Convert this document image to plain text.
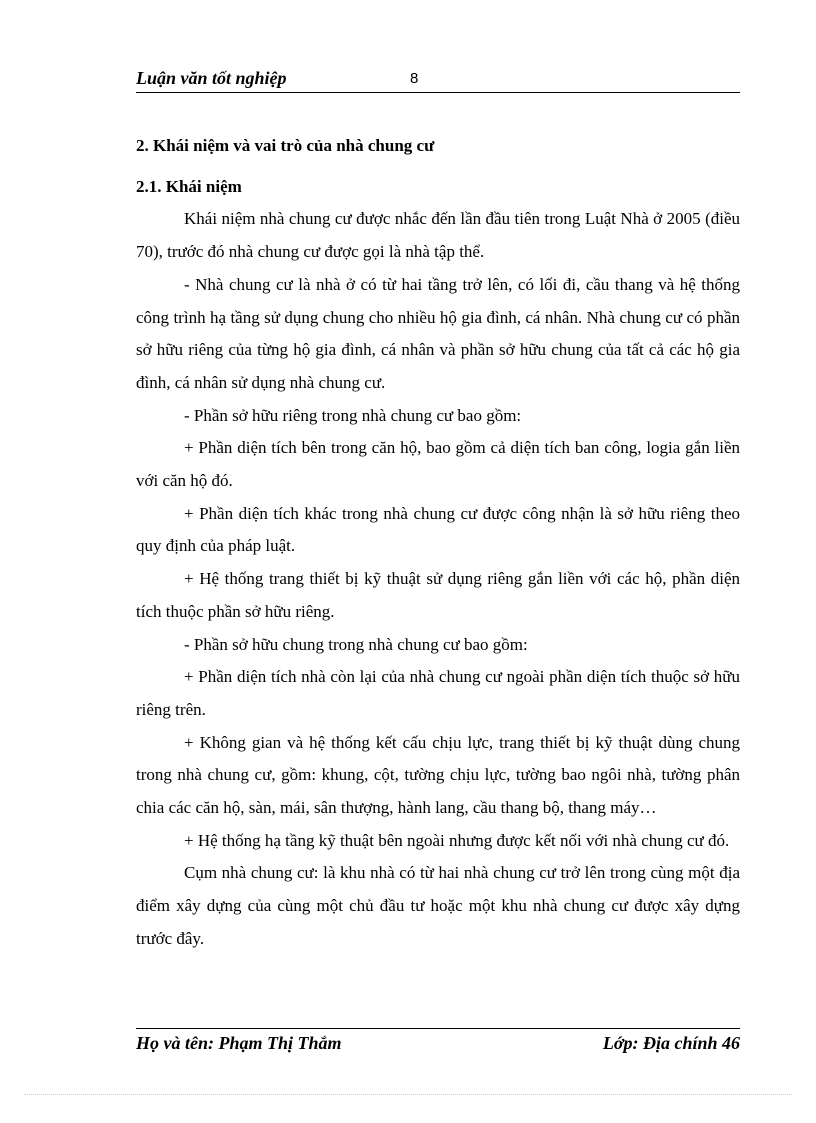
Luận văn tốt nghiệp	8

2. Khái niệm và vai trò của nhà chung cư

2.1. Khái niệm

Khái niệm nhà chung cư được nhắc đến lần đầu tiên trong Luật Nhà ở 2005 (điều 70), trước đó nhà chung cư được gọi là nhà tập thể.

- Nhà chung cư là nhà ở có từ hai tầng trở lên, có lối đi, cầu thang và hệ thống công trình hạ tầng sử dụng chung cho nhiều hộ gia đình, cá nhân. Nhà chung cư có phần sở hữu riêng của từng hộ gia đình, cá nhân và phần sở hữu chung của tất cả các hộ gia đình, cá nhân sử dụng nhà chung cư.

- Phần sở hữu riêng trong nhà chung cư bao gồm:

+ Phần diện tích bên trong căn hộ, bao gồm cả diện tích ban công, logia gắn liền với căn hộ đó.

+ Phần diện tích khác trong nhà chung cư được công nhận là sở hữu riêng theo quy định của pháp luật.

+ Hệ thống trang thiết bị kỹ thuật sử dụng riêng gắn liền với các hộ, phần diện tích thuộc phần sở hữu riêng.

- Phần sở hữu chung trong nhà chung cư bao gồm:

+ Phần diện tích nhà còn lại của nhà chung cư ngoài phần diện tích thuộc sở hữu riêng trên.

+ Không gian và hệ thống kết cấu chịu lực, trang thiết bị kỹ thuật dùng chung trong nhà chung cư, gồm: khung, cột, tường chịu lực, tường bao ngôi nhà, tường phân chia các căn hộ, sàn, mái, sân thượng, hành lang, cầu thang bộ, thang máy…

+ Hệ thống hạ tầng kỹ thuật bên ngoài nhưng được kết nối với nhà chung cư đó.

Cụm nhà chung cư: là khu nhà có từ hai nhà chung cư trở lên trong cùng một địa điểm xây dựng của cùng một chủ đầu tư hoặc một khu nhà chung cư được xây dựng trước đây.

Họ và tên: Phạm Thị Thắm	Lớp: Địa chính 46
